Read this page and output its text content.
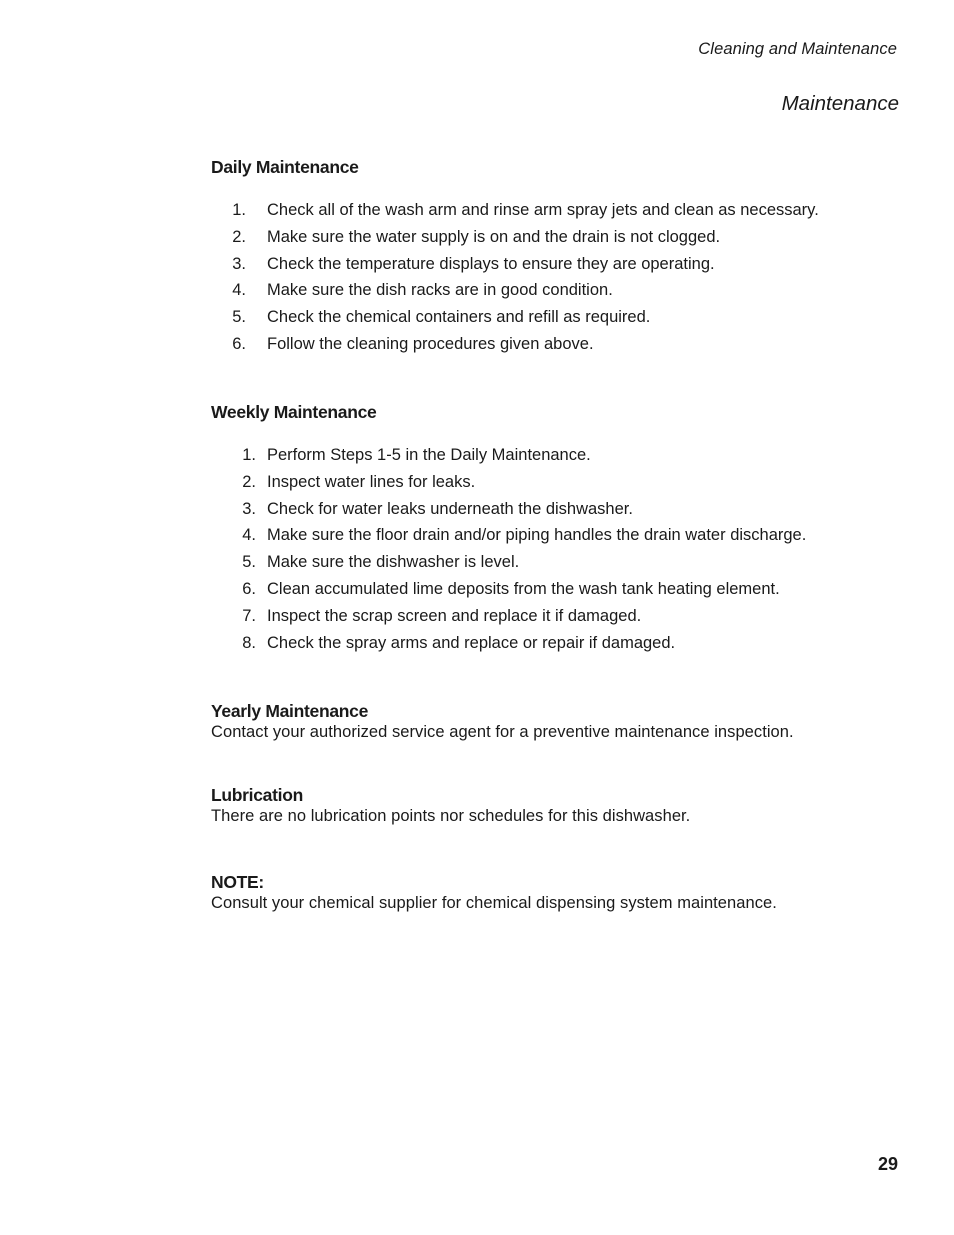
Cleaning and Maintenance
Maintenance
Daily Maintenance
1. Check all of the wash arm and rinse arm spray jets and clean as necessary.
2. Make sure the water supply is on and the drain is not clogged.
3. Check the temperature displays to ensure they are operating.
4. Make sure the dish racks are in good condition.
5. Check the chemical containers and refill as required.
6. Follow the cleaning procedures given above.
Weekly Maintenance
1. Perform Steps 1-5 in the Daily Maintenance.
2. Inspect water lines for leaks.
3. Check for water leaks underneath the dishwasher.
4. Make sure the floor drain and/or piping handles the drain water discharge.
5. Make sure the dishwasher is level.
6. Clean accumulated lime deposits from the wash tank heating element.
7. Inspect the scrap screen and replace it if damaged.
8. Check the spray arms and replace or repair if damaged.
Yearly Maintenance
Contact your authorized service agent for a preventive maintenance inspection.
Lubrication
There are no lubrication points nor schedules for this dishwasher.
NOTE:
Consult your chemical supplier for chemical dispensing system maintenance.
29
